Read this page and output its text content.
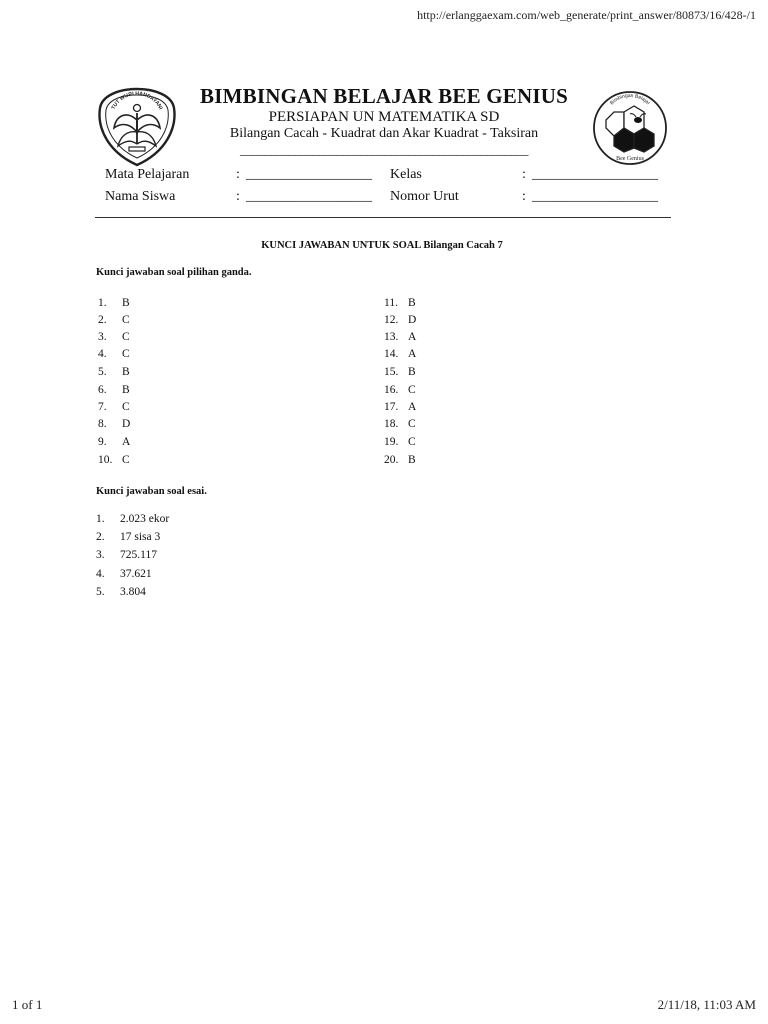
http://erlanggaexam.com/web_generate/print_answer/80873/16/428-/1
TUT WURI HANDAYANI
BIMBINGAN BELAJAR BEE GENIUS
PERSIAPAN UN MATEMATIKA SD
Bilangan Cacah - Kuadrat dan Akar Kuadrat - Taksiran
________________________________________________
Bimbingan Belajar
Bee Genius
Mata Pelajaran	: __________________ Kelas	: __________________
Nama Siswa	: __________________ Nomor Urut	: __________________
KUNCI JAWABAN UNTUK SOAL Bilangan Cacah 7
Kunci jawaban soal pilihan ganda.
1. B
2. C
3. C
4. C
5. B
6. B
7. C
8. D
9. A
10. C
11. B
12. D
13. A
14. A
15. B
16. C
17. A
18. C
19. C
20. B
Kunci jawaban soal esai.
1. 2.023 ekor
2. 17 sisa 3
3. 725.117
4. 37.621
5. 3.804
1 of 1	2/11/18, 11:03 AM
